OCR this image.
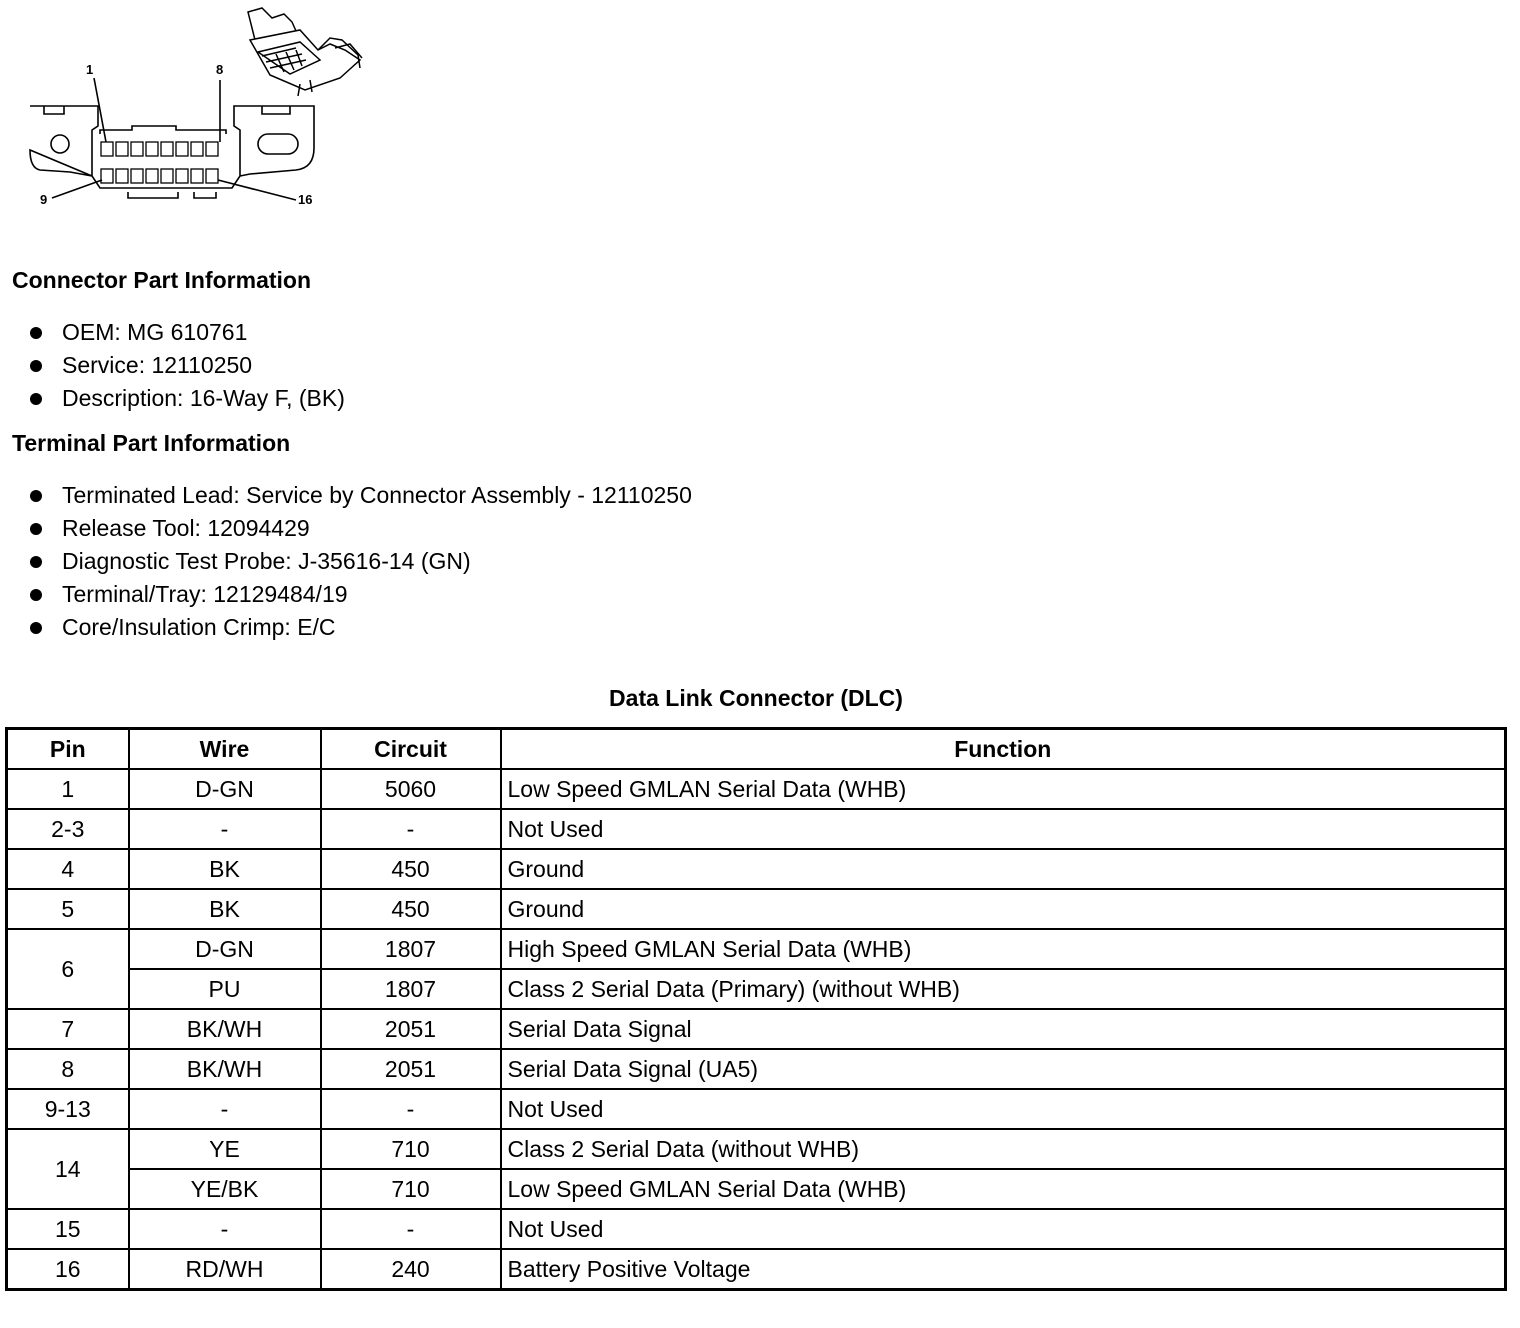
1	8
9	16
Connector Part Information
OEM: MG 610761
Service: 12110250
Description: 16-Way F, (BK)
Terminal Part Information
Terminated Lead: Service by Connector Assembly - 12110250
Release Tool: 12094429
Diagnostic Test Probe: J-35616-14 (GN)
Terminal/Tray: 12129484/19
Core/Insulation Crimp: E/C
Data Link Connector (DLC)
Pin	Wire	Circuit	Function
1	D-GN	5060	Low Speed GMLAN Serial Data (WHB)
2-3	-	-	Not Used
4	BK	450	Ground
5	BK	450	Ground
6	D-GN	1807	High Speed GMLAN Serial Data (WHB)
	PU	1807	Class 2 Serial Data (Primary) (without WHB)
7	BK/WH	2051	Serial Data Signal
8	BK/WH	2051	Serial Data Signal (UA5)
9-13	-	-	Not Used
14	YE	710	Class 2 Serial Data (without WHB)
	YE/BK	710	Low Speed GMLAN Serial Data (WHB)
15	-	-	Not Used
16	RD/WH	240	Battery Positive Voltage
